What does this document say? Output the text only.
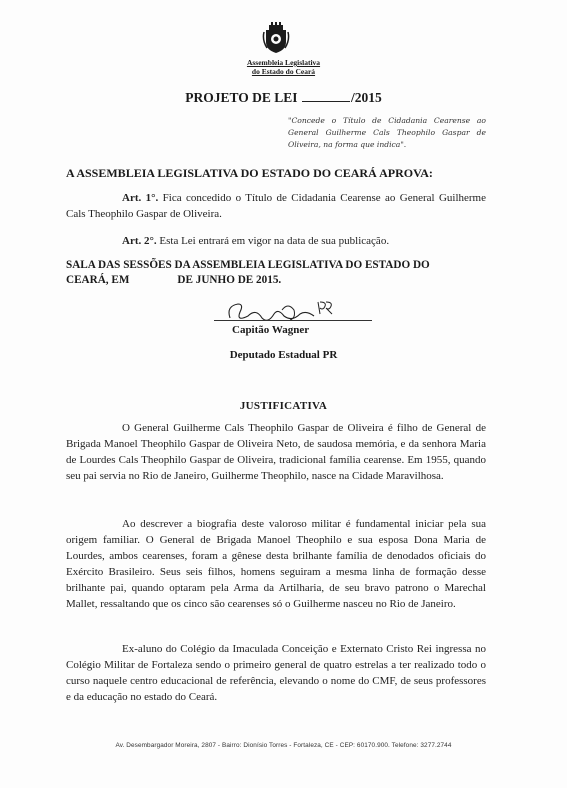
Assembleia Legislativa
do Estado do Ceará
PROJETO DE LEI	/2015
"Concede o Título de Cidadania Cearense ao General Guilherme Cals Theophilo Gaspar de Oliveira, na forma que indica".
A ASSEMBLEIA LEGISLATIVA DO ESTADO DO CEARÁ APROVA:
Art. 1°. Fica concedido o Título de Cidadania Cearense ao General Guilherme Cals Theophilo Gaspar de Oliveira.
Art. 2°. Esta Lei entrará em vigor na data de sua publicação.
SALA DAS SESSÕES DA ASSEMBLEIA LEGISLATIVA DO ESTADO DO
CEARÁ, EM	DE JUNHO DE 2015.
Capitão Wagner
Deputado Estadual PR
JUSTIFICATIVA
O General Guilherme Cals Theophilo Gaspar de Oliveira é filho de General de Brigada Manoel Theophilo Gaspar de Oliveira Neto, de saudosa memória, e da senhora Maria de Lourdes Cals Theophilo Gaspar de Oliveira, tradicional família cearense. Em 1955, quando seu pai servia no Rio de Janeiro, Guilherme Theophilo, nasce na Cidade Maravilhosa.
Ao descrever a biografia deste valoroso militar é fundamental iniciar pela sua origem familiar. O General de Brigada Manoel Theophilo e sua esposa Dona Maria de Lourdes, ambos cearenses, foram a gênese desta brilhante família de denodados oficiais do Exército Brasileiro. Seus seis filhos, homens seguiram a mesma linha de formação desse brilhante pai, quando optaram pela Arma da Artilharia, de seu bravo patrono o Marechal Mallet, ressaltando que os cinco são cearenses só o Guilherme nasceu no Rio de Janeiro.
Ex-aluno do Colégio da Imaculada Conceição e Externato Cristo Rei ingressa no Colégio Militar de Fortaleza sendo o primeiro general de quatro estrelas a ter realizado todo o curso naquele centro educacional de referência, elevando o nome do CMF, de seus professores e da educação no estado do Ceará.
Av. Desembargador Moreira, 2807 - Bairro: Dionísio Torres - Fortaleza, CE - CEP: 60170.900. Telefone: 3277.2744
